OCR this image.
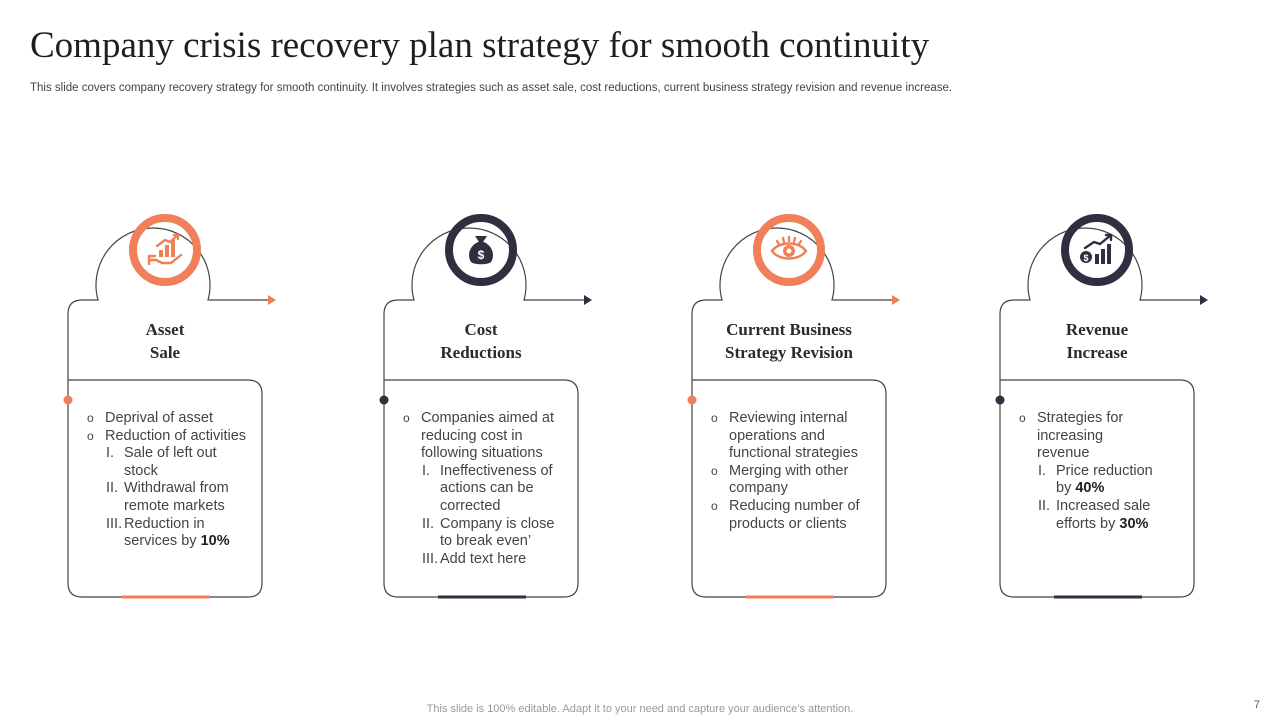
Company crisis recovery plan strategy for smooth continuity
This slide covers company recovery strategy for smooth continuity. It involves strategies such as asset sale, cost reductions, current business strategy revision and revenue increase.
Asset
Sale
o Deprival of asset
o Reduction of activities
I. Sale of left out stock
II. Withdrawal from remote markets
III. Reduction in services by 10%
$
Cost
Reductions
o Companies aimed at reducing cost in following situations
I. Ineffectiveness of actions can be corrected
II. Company is close to break even’
III. Add text here
Current Business
Strategy Revision
o Reviewing internal operations and functional strategies
o Merging with other company
o Reducing number of products or clients
$
Revenue
Increase
o Strategies for increasing revenue
I. Price reduction by 40%
II. Increased sale efforts by 30%
This slide is 100% editable. Adapt it to your need and capture your audience’s attention.	7
